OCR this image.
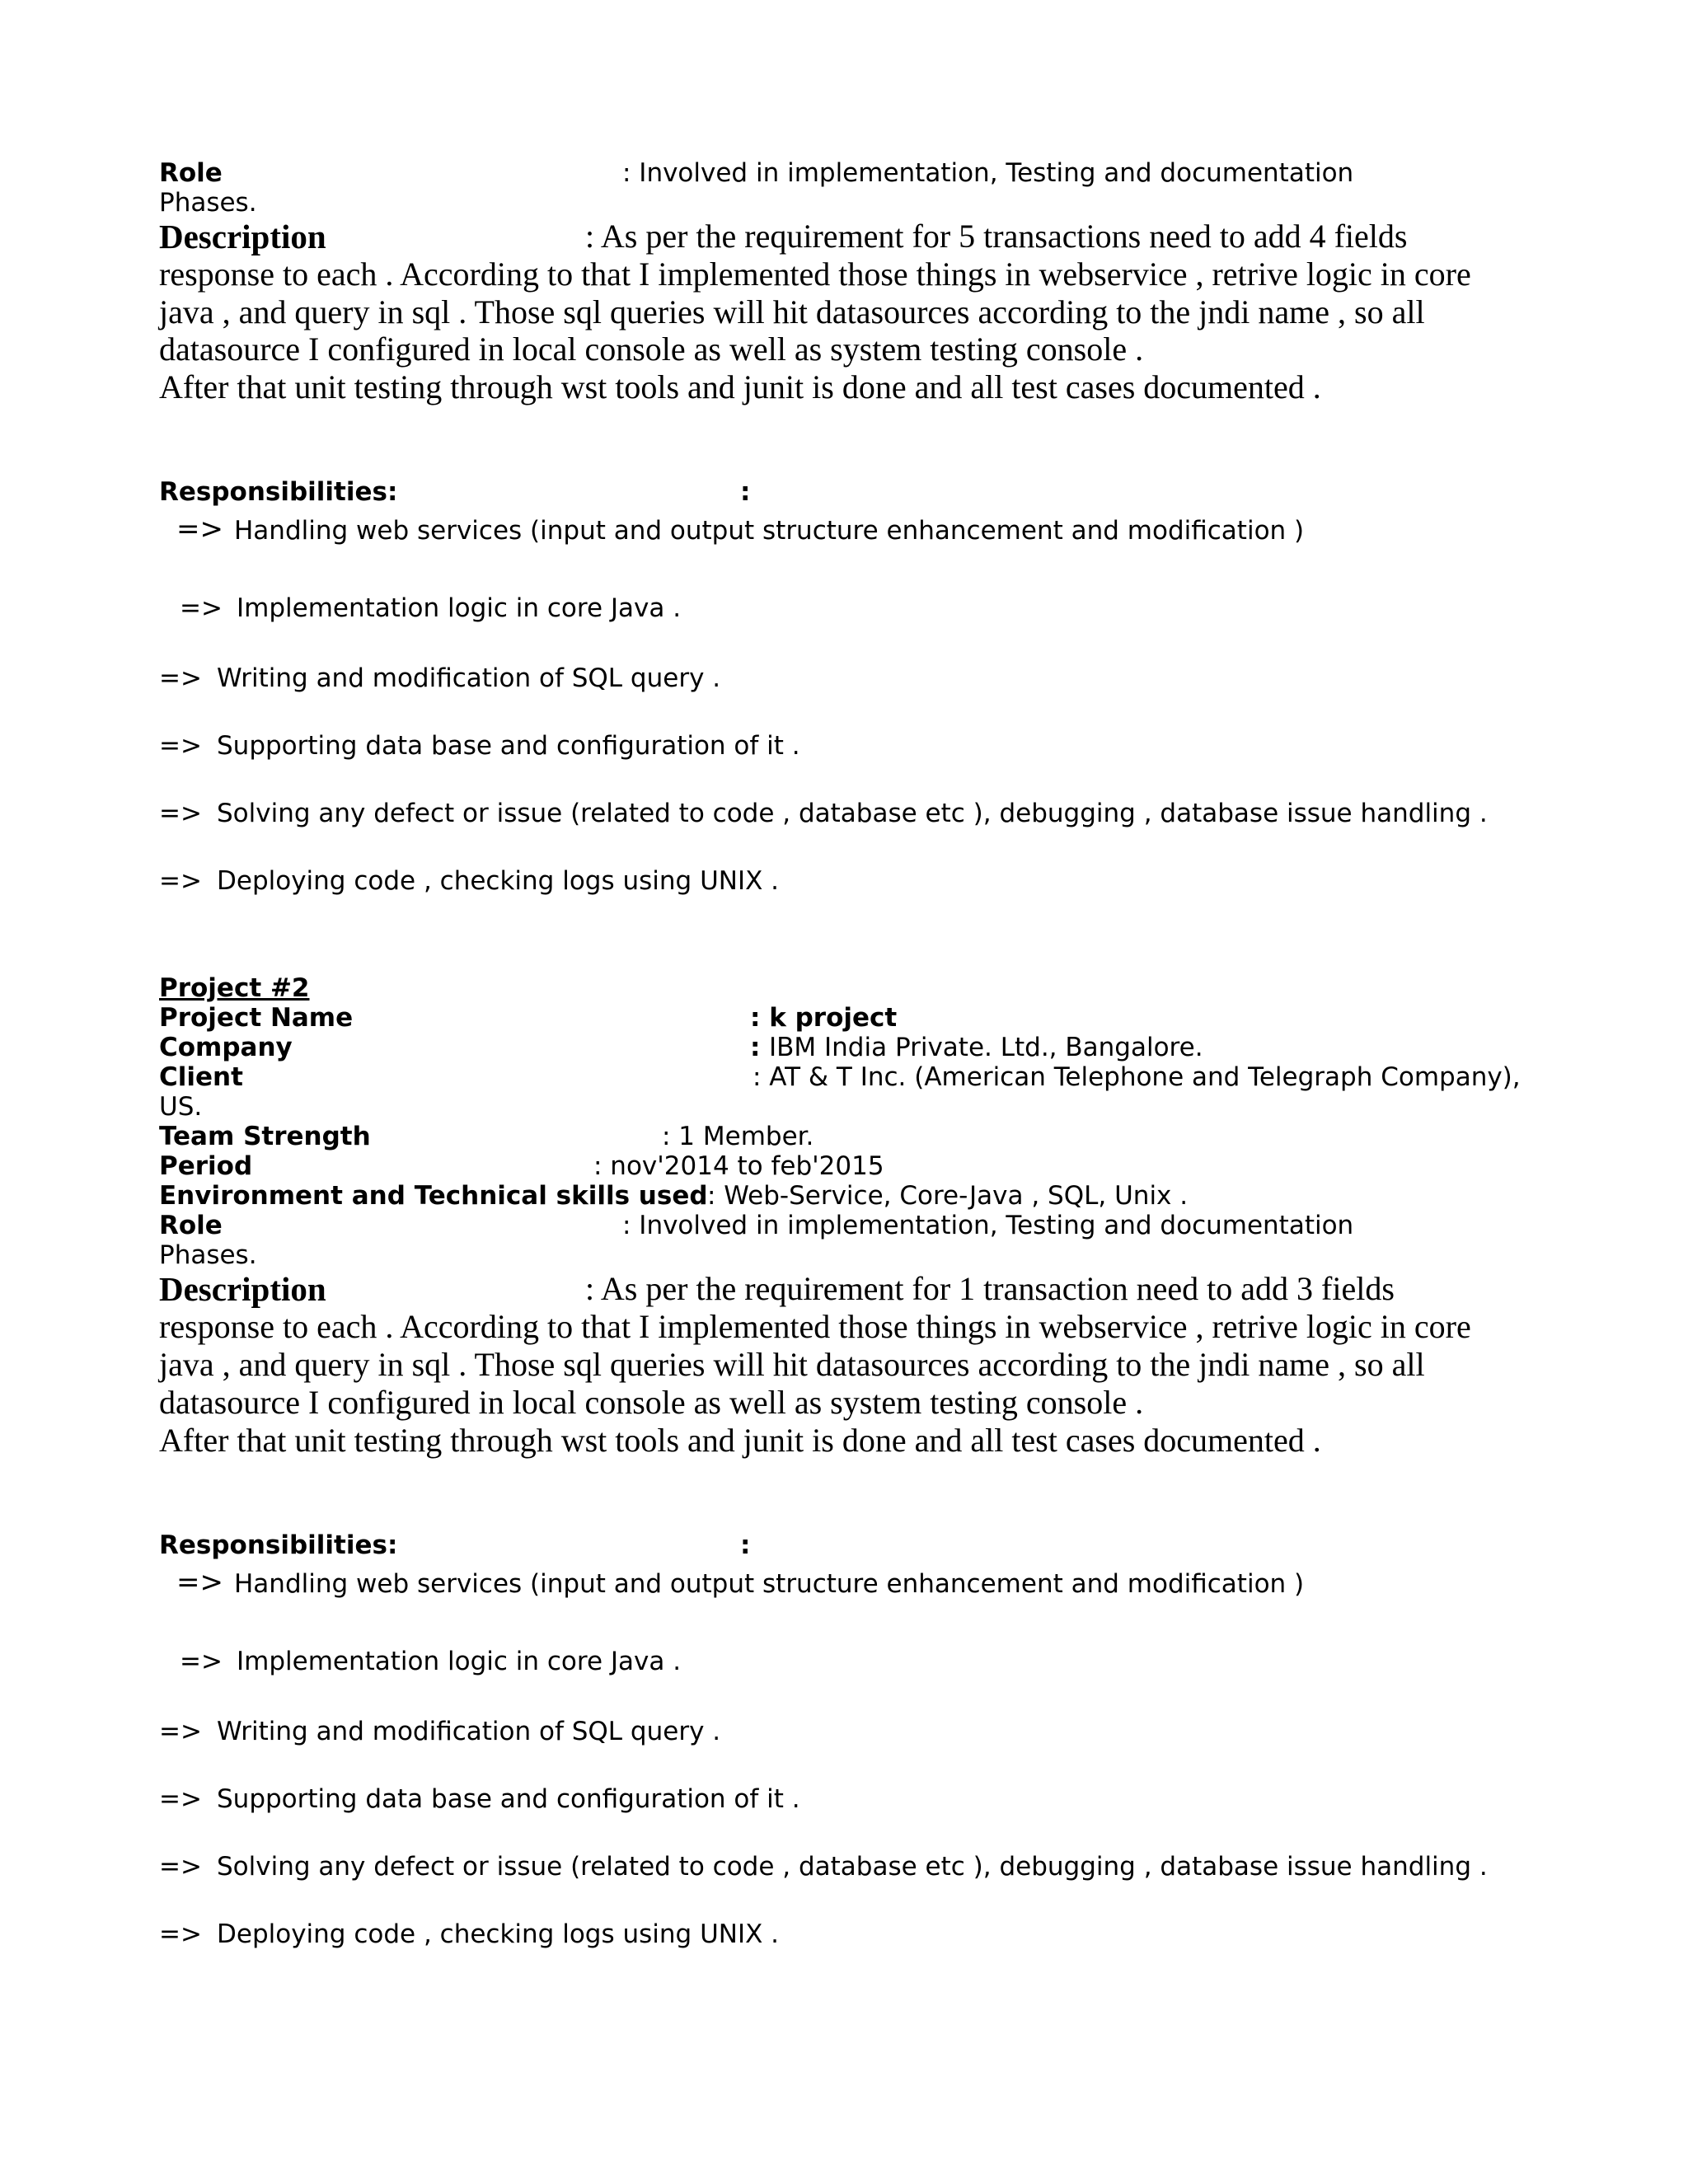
Role	: Involved in implementation, Testing and documentation
Phases.
Description	: As per the requirement for 5 transactions need to add 4 fields
response to each . According to that I implemented those things in webservice , retrive logic in core
java , and query in sql . Those sql queries will hit datasources according to the jndi name , so all
datasource I configured in local console as well as system testing console .
After that unit testing through wst tools and junit is done and all test cases documented .
Responsibilities:	:
=> Handling web services (input and output structure enhancement and modification )
=> Implementation logic in core Java .
=> Writing and modification of SQL query .
=> Supporting data base and configuration of it .
=> Solving any defect or issue (related to code , database etc ), debugging , database issue handling .
=> Deploying code , checking logs using UNIX .
Project #2
Project Name	: k project
Company	: IBM India Private. Ltd., Bangalore.
Client	: AT & T Inc. (American Telephone and Telegraph Company),
US.
Team Strength	: 1 Member.
Period	: nov'2014 to feb'2015
Environment and Technical skills used : Web-Service, Core-Java , SQL, Unix .
Role	: Involved in implementation, Testing and documentation
Phases.
Description	: As per the requirement for 1 transaction need to add 3 fields
response to each . According to that I implemented those things in webservice , retrive logic in core
java , and query in sql . Those sql queries will hit datasources according to the jndi name , so all
datasource I configured in local console as well as system testing console .
After that unit testing through wst tools and junit is done and all test cases documented .
Responsibilities:	:
=> Handling web services (input and output structure enhancement and modification )
=> Implementation logic in core Java .
=> Writing and modification of SQL query .
=> Supporting data base and configuration of it .
=> Solving any defect or issue (related to code , database etc ), debugging , database issue handling .
=> Deploying code , checking logs using UNIX .
